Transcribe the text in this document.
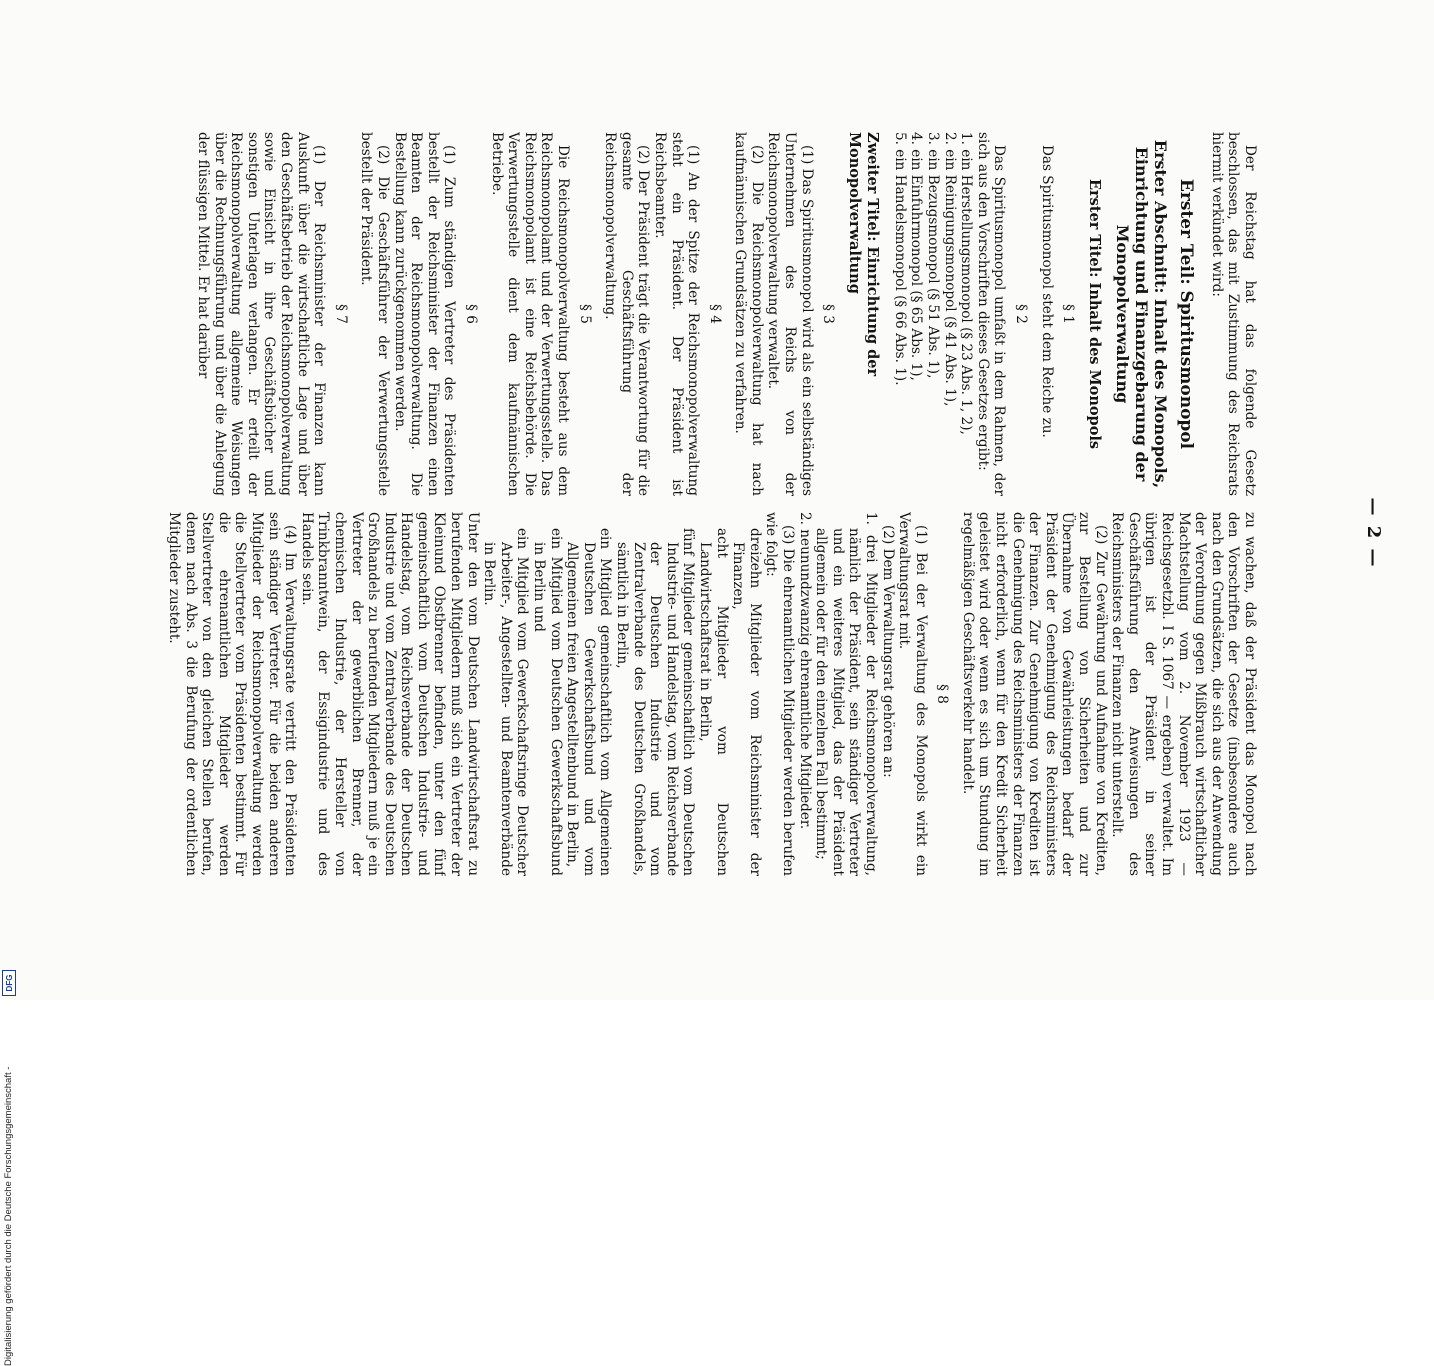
— 2 —

Der Reichstag hat das folgende Gesetz beschlossen, das mit Zustimmung des Reichsrats hiermit verkündet wird:

Erster Teil: Spiritusmonopol

Erster Abschnitt: Inhalt des Monopols, Einrichtung und Finanzgebarung der Monopolverwaltung

Erster Titel: Inhalt des Monopols

§ 1

Das Spiritusmonopol steht dem Reiche zu.

§ 2

Das Spiritusmonopol umfaßt in dem Rahmen, der sich aus den Vorschriften dieses Gesetzes ergibt:

1. ein Herstellungsmonopol (§ 23 Abs. 1, 2),

2. ein Reinigungsmonopol (§ 41 Abs. 1),

3. ein Bezugsmonopol (§ 51 Abs. 1),

4. ein Einfuhrmonopol (§ 65 Abs. 1),

5. ein Handelsmonopol (§ 66 Abs. 1).

Zweiter Titel: Einrichtung der Monopolverwaltung

§ 3

(1) Das Spiritusmonopol wird als ein selbständiges Unternehmen des Reichs von der Reichsmonopolverwaltung verwaltet.

(2) Die Reichsmonopolverwaltung hat nach kaufmännischen Grundsätzen zu verfahren.

§ 4

(1) An der Spitze der Reichsmonopolverwaltung steht ein Präsident. Der Präsident ist Reichsbeamter.

(2) Der Präsident trägt die Verantwortung für die gesamte Geschäftsführung der Reichsmonopolverwaltung.

§ 5

Die Reichsmonopolverwaltung besteht aus dem Reichsmonopolamt und der Verwertungsstelle. Das Reichsmonopolamt ist eine Reichsbehörde. Die Verwertungsstelle dient dem kaufmännischen Betriebe.

§ 6

(1) Zum ständigen Vertreter des Präsidenten bestellt der Reichsminister der Finanzen einen Beamten der Reichsmonopolverwaltung. Die Bestellung kann zurückgenommen werden.

(2) Die Geschäftsführer der Verwertungsstelle bestellt der Präsident.

§ 7

(1) Der Reichsminister der Finanzen kann Auskunft über die wirtschaftliche Lage und über den Geschäftsbetrieb der Reichsmonopolverwaltung sowie Einsicht in ihre Geschäftsbücher und sonstigen Unterlagen verlangen. Er erteilt der Reichsmonopolverwaltung allgemeine Weisungen über die Rechnungsführung und über die Anlegung der flüssigen Mittel. Er hat darüber

zu wachen, daß der Präsident das Monopol nach den Vorschriften der Gesetze (insbesondere auch nach den Grundsätzen, die sich aus der Anwendung der Verordnung gegen Mißbrauch wirtschaftlicher Machtstellung vom 2. November 1923 — Reichsgesetzbl. I S. 1067 — ergeben) verwaltet. Im übrigen ist der Präsident in seiner Geschäftsführung den Anweisungen des Reichsministers der Finanzen nicht unterstellt.

(2) Zur Gewährung und Aufnahme von Krediten, zur Bestellung von Sicherheiten und zur Übernahme von Gewährleistungen bedarf der Präsident der Genehmigung des Reichsministers der Finanzen. Zur Genehmigung von Krediten ist die Genehmigung des Reichsministers der Finanzen nicht erforderlich, wenn für den Kredit Sicherheit geleistet wird oder wenn es sich um Stundung im regelmäßigen Geschäftsverkehr handelt.

§ 8

(1) Bei der Verwaltung des Monopols wirkt ein Verwaltungsrat mit.

(2) Dem Verwaltungsrat gehören an:

1. drei Mitglieder der Reichsmonopolverwaltung, nämlich der Präsident, sein ständiger Vertreter und ein weiteres Mitglied, das der Präsident allgemein oder für den einzelnen Fall bestimmt;

2. neunundzwanzig ehrenamtliche Mitglieder.

(3) Die ehrenamtlichen Mitglieder werden berufen wie folgt:

dreizehn Mitglieder vom Reichsminister der Finanzen,

acht Mitglieder vom Deutschen Landwirtschaftsrat in Berlin,

fünf Mitglieder gemeinschaftlich vom Deutschen Industrie- und Handelstag, vom Reichsverbande der Deutschen Industrie und vom Zentralverbande des Deutschen Großhandels, sämtlich in Berlin,

ein Mitglied gemeinschaftlich vom Allgemeinen Deutschen Gewerkschaftsbund und vom Allgemeinen freien Angestelltenbund in Berlin,

ein Mitglied vom Deutschen Gewerkschaftsbund in Berlin und

ein Mitglied vom Gewerkschaftsringe Deutscher Arbeiter-, Angestellten- und Beamtenverbände in Berlin.

Unter den vom Deutschen Landwirtschaftsrat zu berufenden Mitgliedern muß sich ein Vertreter der Kleinund Obstbrenner befinden, unter den fünf gemeinschaftlich vom Deutschen Industrie- und Handelstag, vom Reichsverbande der Deutschen Industrie und vom Zentralverbande des Deutschen Großhandels zu berufenden Mitgliedern muß je ein Vertreter der gewerblichen Brenner, der chemischen Industrie, der Hersteller von Trinkbranntwein, der Essigindustrie und des Handels sein.

(4) Im Verwaltungsrate vertritt den Präsidenten sein ständiger Vertreter. Für die beiden anderen Mitglieder der Reichsmonopolverwaltung werden die Stellvertreter vom Präsidenten bestimmt. Für die ehrenamtlichen Mitglieder werden Stellvertreter von den gleichen Stellen berufen, denen nach Abs. 3 die Berufung der ordentlichen Mitglieder zusteht.

Digitalisierung gefördert durch die Deutsche Forschungsgemeinschaft -
DFG
